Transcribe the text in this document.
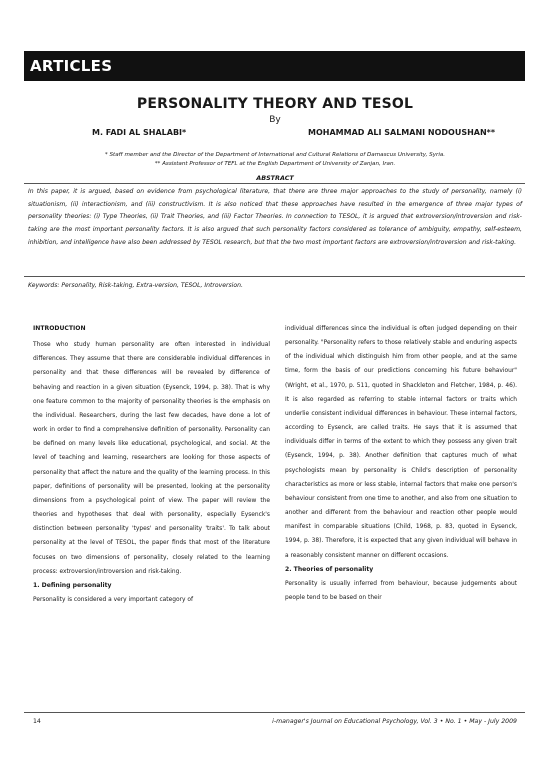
ARTICLES
PERSONALITY THEORY AND TESOL
By
M. FADI AL SHALABI*	MOHAMMAD ALI SALMANI NODOUSHAN**
* Staff member and the Director of the Department of International and Cultural Relations of Damascus University, Syria.
** Assistant Professor of TEFL at the English Department of University of Zanjan, Iran.
ABSTRACT

In this paper, it is argued, based on evidence from psychological literature, that there are three major approaches to the study of personality, namely (i) situationism, (ii) interactionism, and (iii) constructivism. It is also noticed that these approaches have resulted in the emergence of three major types of personality theories: (i) Type Theories, (ii) Trait Theories, and (iii) Factor Theories. In connection to TESOL, it is argued that extroversion/introversion and risk-taking are the most important personality factors. It is also argued that such personality factors considered as tolerance of ambiguity, empathy, self-esteem, inhibition, and intelligence have also been addressed by TESOL research, but that the two most important factors are extroversion/introversion and risk-taking.

Keywords: Personality, Risk-taking, Extra-version, TESOL, Introversion.

INTRODUCTION

Those who study human personality are often interested in individual differences. They assume that there are considerable individual differences in personality and that these differences will be revealed by difference of behaving and reaction in a given situation (Eysenck, 1994, p. 38). That is why one feature common to the majority of personality theories is the emphasis on the individual. Researchers, during the last few decades, have done a lot of work in order to find a comprehensive definition of personality. Personality can be defined on many levels like educational, psychological, and social. At the level of teaching and learning, researchers are looking for those aspects of personality that affect the nature and the quality of the learning process. In this paper, definitions of personality will be presented, looking at the personality dimensions from a psychological point of view. The paper will review the theories and hypotheses that deal with personality, especially Eysenck's distinction between personality 'types' and personality 'traits'. To talk about personality at the level of TESOL, the paper finds that most of the literature focuses on two dimensions of personality, closely related to the learning process: extroversion/introversion and risk-taking.

1. Defining personality

Personality is considered a very important category of

individual differences since the individual is often judged depending on their personality. "Personality refers to those relatively stable and enduring aspects of the individual which distinguish him from other people, and at the same time, form the basis of our predictions concerning his future behaviour" (Wright, et al., 1970, p. 511, quoted in Shackleton and Fletcher, 1984, p. 46). It is also regarded as referring to stable internal factors or traits which underlie consistent individual differences in behaviour. These internal factors, according to Eysenck, are called traits. He says that it is assumed that individuals differ in terms of the extent to which they possess any given trait (Eysenck, 1994, p. 38). Another definition that captures much of what psychologists mean by personality is Child's description of personality characteristics as more or less stable, internal factors that make one person's behaviour consistent from one time to another, and also from one situation to another and different from the behaviour and reaction other people would manifest in comparable situations (Child, 1968, p. 83, quoted in Eysenck, 1994, p. 38). Therefore, it is expected that any given individual will behave in a reasonably consistent manner on different occasions.

2. Theories of personality

Personality is usually inferred from behaviour, because judgements about people tend to be based on their

14	i-manager's Journal on Educational Psychology, Vol. 3 • No. 1 • May - July 2009
